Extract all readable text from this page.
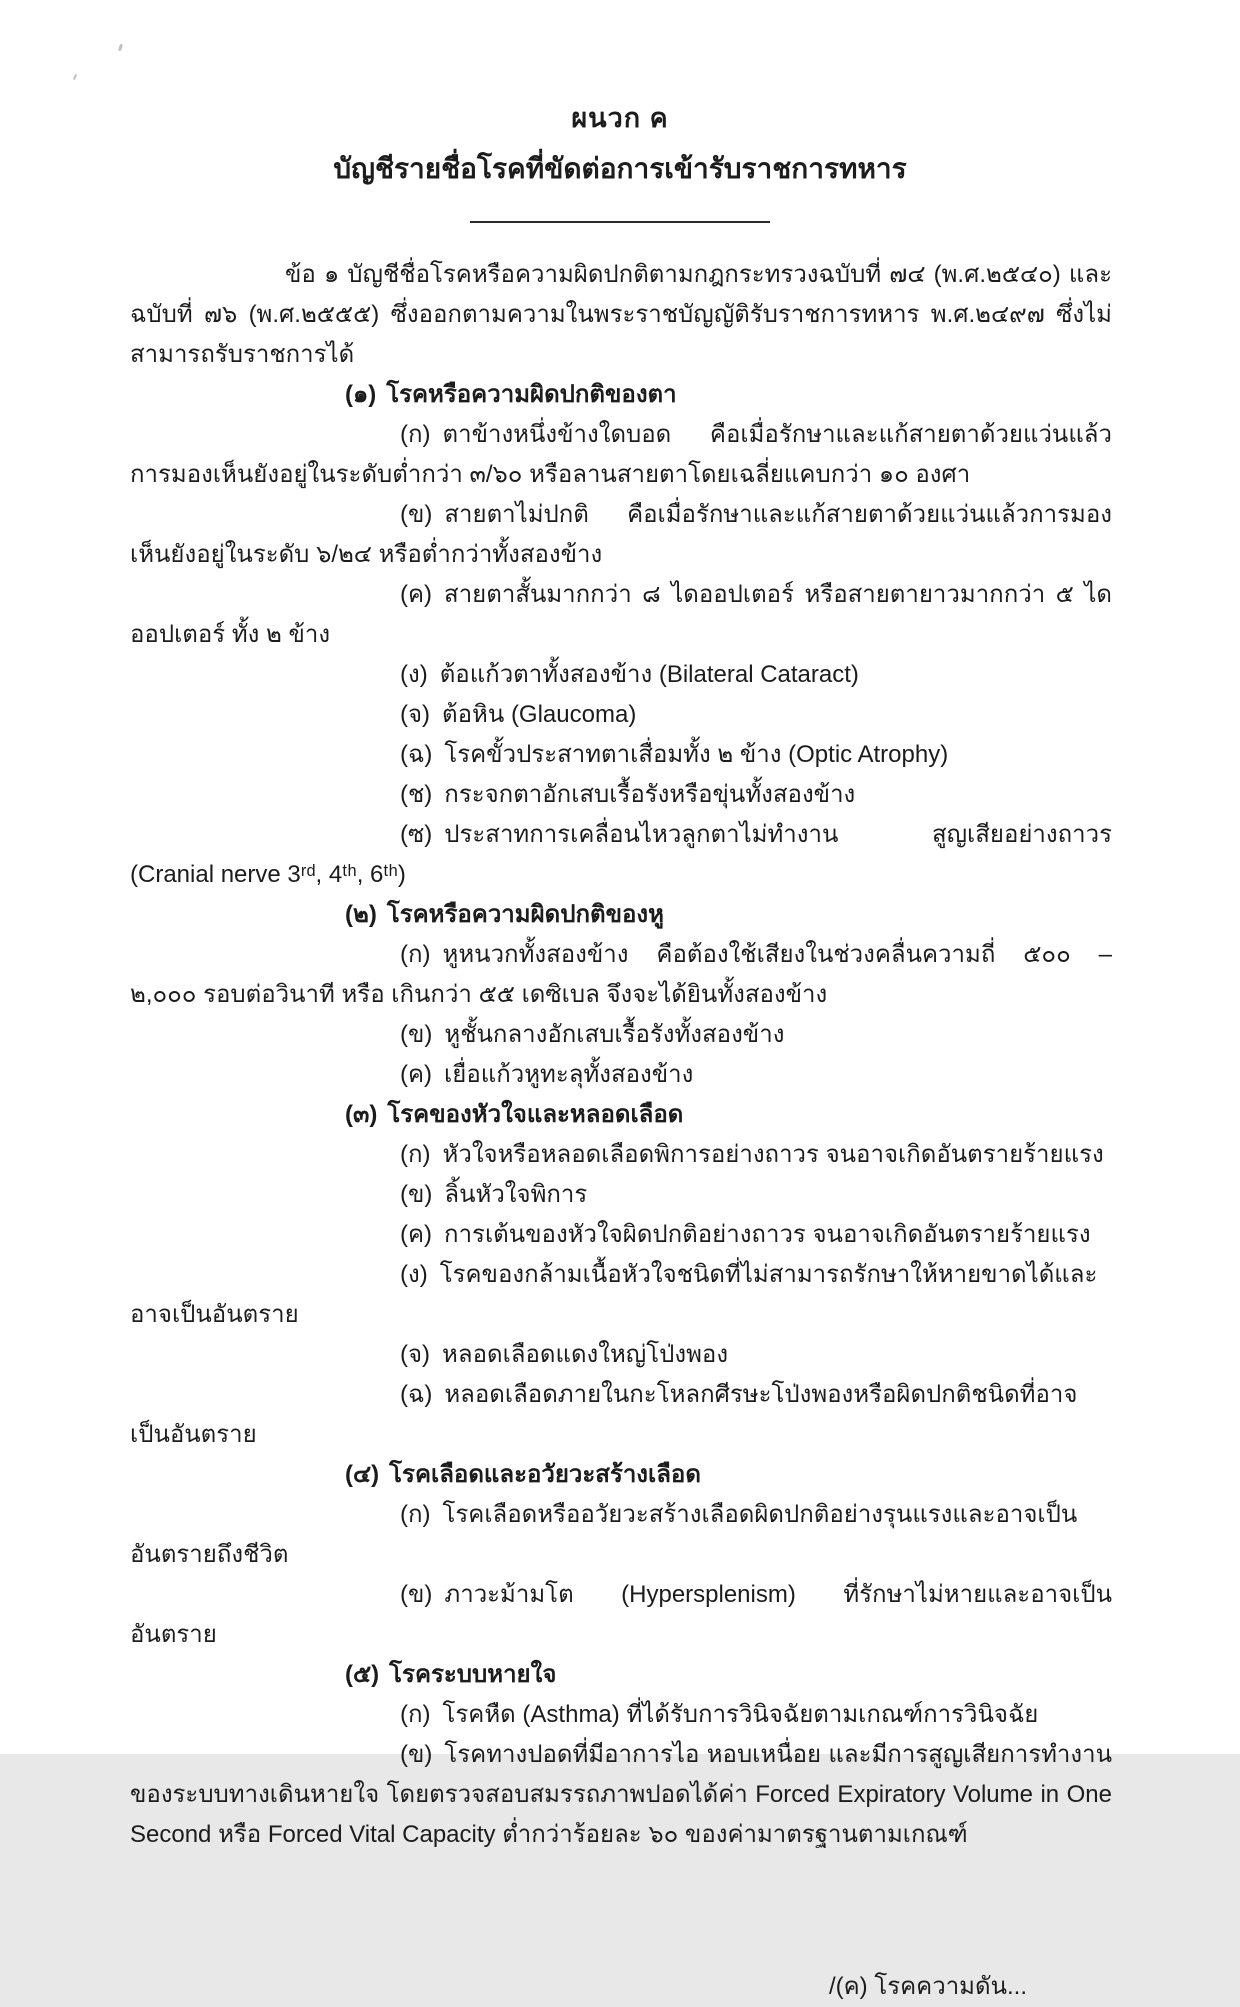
ผนวก ค
บัญชีรายชื่อโรคที่ขัดต่อการเข้ารับราชการทหาร

ข้อ ๑ บัญชีชื่อโรคหรือความผิดปกติตามกฎกระทรวงฉบับที่ ๗๔ (พ.ศ.๒๕๔๐) และ ฉบับที่ ๗๖ (พ.ศ.๒๕๕๕) ซึ่งออกตามความในพระราชบัญญัติรับราชการทหาร พ.ศ.๒๔๙๗ ซึ่งไม่สามารถรับราชการได้

(๑) โรคหรือความผิดปกติของตา

(ก) ตาข้างหนึ่งข้างใดบอด คือเมื่อรักษาและแก้สายตาด้วยแว่นแล้วการมองเห็นยังอยู่ในระดับต่ำกว่า ๓/๖๐ หรือลานสายตาโดยเฉลี่ยแคบกว่า ๑๐ องศา

(ข) สายตาไม่ปกติ คือเมื่อรักษาและแก้สายตาด้วยแว่นแล้วการมองเห็นยังอยู่ในระดับ ๖/๒๔ หรือต่ำกว่าทั้งสองข้าง

(ค) สายตาสั้นมากกว่า ๘ ไดออปเตอร์ หรือสายตายาวมากกว่า ๕ ไดออปเตอร์ ทั้ง ๒ ข้าง

(ง) ต้อแก้วตาทั้งสองข้าง (Bilateral Cataract)

(จ) ต้อหิน (Glaucoma)

(ฉ) โรคขั้วประสาทตาเสื่อมทั้ง ๒ ข้าง (Optic Atrophy)

(ช) กระจกตาอักเสบเรื้อรังหรือขุ่นทั้งสองข้าง

(ซ) ประสาทการเคลื่อนไหวลูกตาไม่ทำงาน สูญเสียอย่างถาวร (Cranial nerve 3ʳᵈ, 4ᵗʰ, 6ᵗʰ)

(๒) โรคหรือความผิดปกติของหู

(ก) หูหนวกทั้งสองข้าง คือต้องใช้เสียงในช่วงคลื่นความถี่ ๕๐๐ – ๒,๐๐๐ รอบต่อวินาที หรือ เกินกว่า ๕๕ เดซิเบล จึงจะได้ยินทั้งสองข้าง

(ข) หูชั้นกลางอักเสบเรื้อรังทั้งสองข้าง

(ค) เยื่อแก้วหูทะลุทั้งสองข้าง

(๓) โรคของหัวใจและหลอดเลือด

(ก) หัวใจหรือหลอดเลือดพิการอย่างถาวร จนอาจเกิดอันตรายร้ายแรง

(ข) ลิ้นหัวใจพิการ

(ค) การเต้นของหัวใจผิดปกติอย่างถาวร จนอาจเกิดอันตรายร้ายแรง

(ง) โรคของกล้ามเนื้อหัวใจชนิดที่ไม่สามารถรักษาให้หายขาดได้และอาจเป็นอันตราย

(จ) หลอดเลือดแดงใหญ่โป่งพอง

(ฉ) หลอดเลือดภายในกะโหลกศีรษะโป่งพองหรือผิดปกติชนิดที่อาจเป็นอันตราย

(๔) โรคเลือดและอวัยวะสร้างเลือด

(ก) โรคเลือดหรืออวัยวะสร้างเลือดผิดปกติอย่างรุนแรงและอาจเป็นอันตรายถึงชีวิต

(ข) ภาวะม้ามโต (Hypersplenism) ที่รักษาไม่หายและอาจเป็นอันตราย

(๕) โรคระบบหายใจ

(ก) โรคหืด (Asthma) ที่ได้รับการวินิจฉัยตามเกณฑ์การวินิจฉัย

(ข) โรคทางปอดที่มีอาการไอ หอบเหนื่อย และมีการสูญเสียการทำงานของระบบทางเดินหายใจ โดยตรวจสอบสมรรถภาพปอดได้ค่า Forced Expiratory Volume in One Second หรือ Forced Vital Capacity ต่ำกว่าร้อยละ ๖๐ ของค่ามาตรฐานตามเกณฑ์

/(ค) โรคความดัน...
